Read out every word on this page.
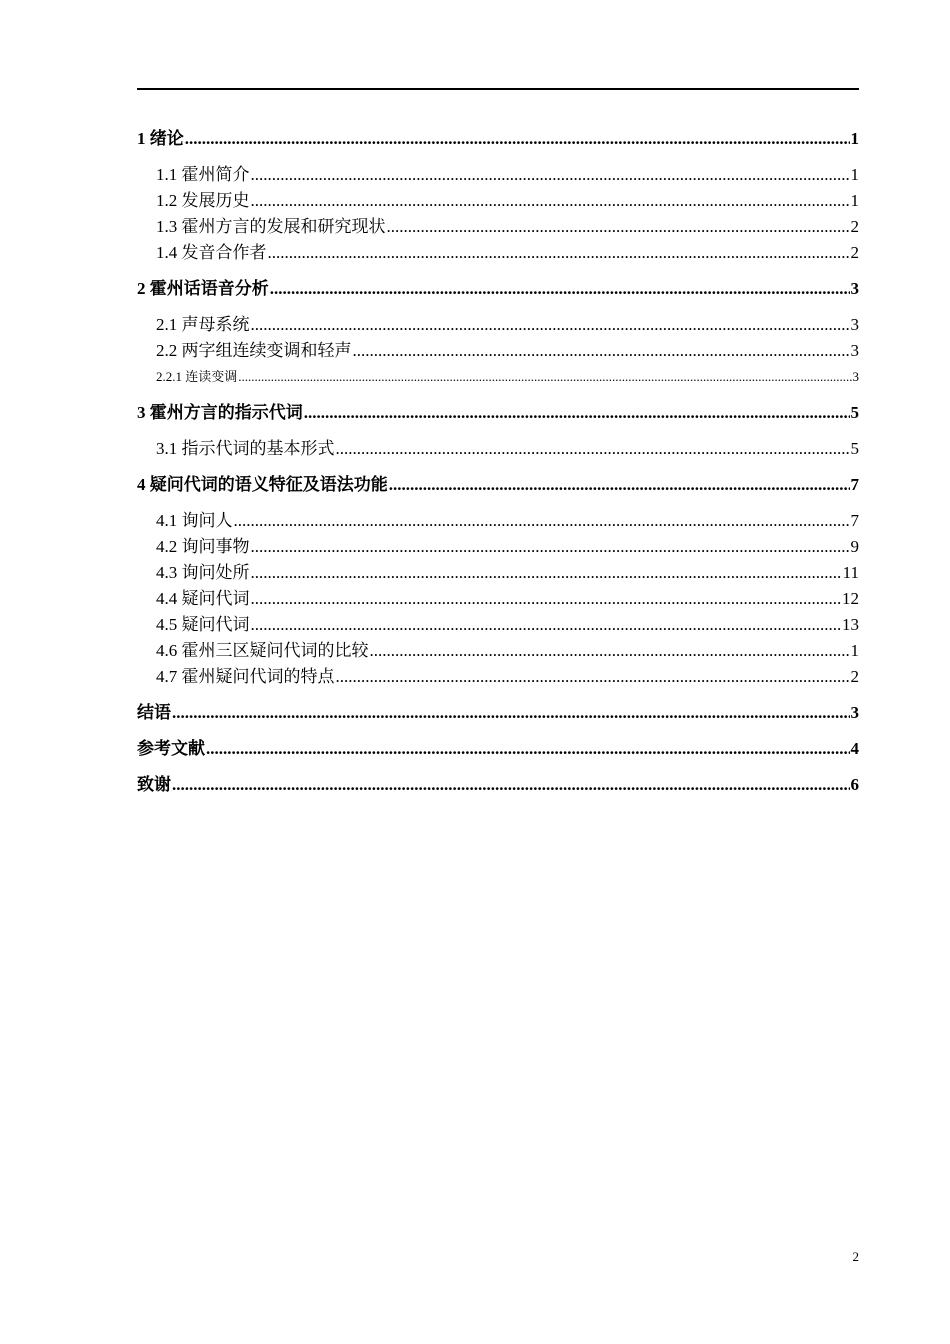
1 绪论 .....	1
1.1 霍州简介 .....	1
1.2 发展历史 .....	1
1.3 霍州方言的发展和研究现状 .....	2
1.4 发音合作者 .....	2
2 霍州话语音分析 .....	3
2.1 声母系统 .....	3
2.2 两字组连续变调和轻声 .....	3
2.2.1 连读变调 .....	3
3 霍州方言的指示代词 .....	5
3.1 指示代词的基本形式 .....	5
4 疑问代词的语义特征及语法功能 .....	7
4.1 询问人 .....	7
4.2 询问事物 .....	9
4.3 询问处所 .....	11
4.4 疑问代词 .....	12
4.5 疑问代词 .....	13
4.6 霍州三区疑问代词的比较 .....	1
4.7 霍州疑问代词的特点 .....	2
结语 .....	3
参考文献 .....	4
致谢 .....	6
2
